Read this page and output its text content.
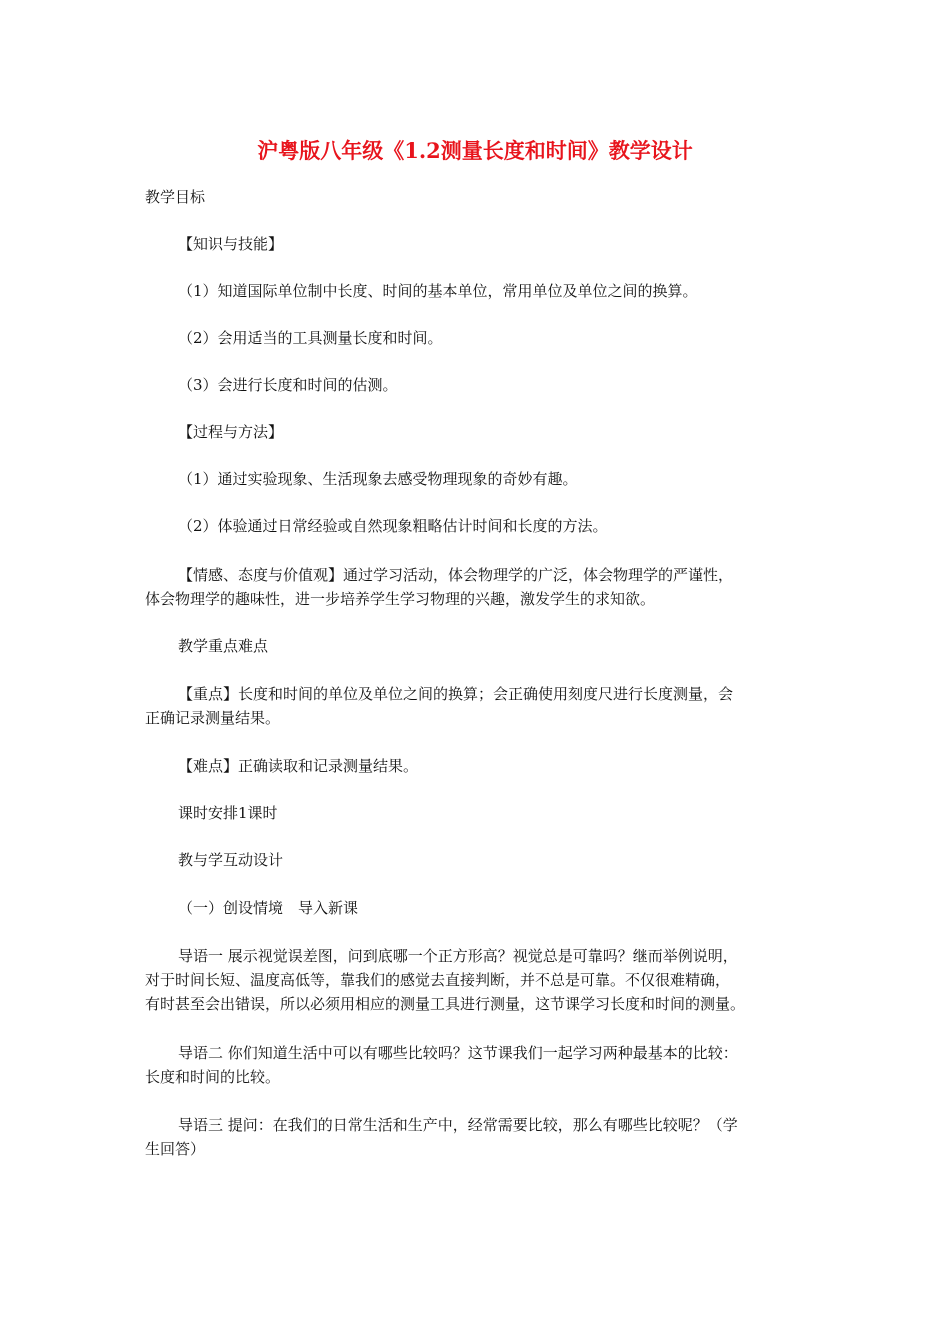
沪粤版八年级《1.2测量长度和时间》教学设计
教学目标
【知识与技能】
（1）知道国际单位制中长度、时间的基本单位，常用单位及单位之间的换算。
（2）会用适当的工具测量长度和时间。
（3）会进行长度和时间的估测。
【过程与方法】
（1）通过实验现象、生活现象去感受物理现象的奇妙有趣。
（2）体验通过日常经验或自然现象粗略估计时间和长度的方法。
【情感、态度与价值观】通过学习活动，体会物理学的广泛，体会物理学的严谨性，
体会物理学的趣味性，进一步培养学生学习物理的兴趣，激发学生的求知欲。
教学重点难点
【重点】长度和时间的单位及单位之间的换算；会正确使用刻度尺进行长度测量，会
正确记录测量结果。
【难点】正确读取和记录测量结果。
课时安排1课时
教与学互动设计
（一）创设情境　导入新课
导语一 展示视觉误差图，问到底哪一个正方形高？视觉总是可靠吗？继而举例说明，
对于时间长短、温度高低等，靠我们的感觉去直接判断，并不总是可靠。不仅很难精确，
有时甚至会出错误，所以必须用相应的测量工具进行测量，这节课学习长度和时间的测量。
导语二 你们知道生活中可以有哪些比较吗？这节课我们一起学习两种最基本的比较：
长度和时间的比较。
导语三 提问：在我们的日常生活和生产中，经常需要比较，那么有哪些比较呢？（学
生回答）
